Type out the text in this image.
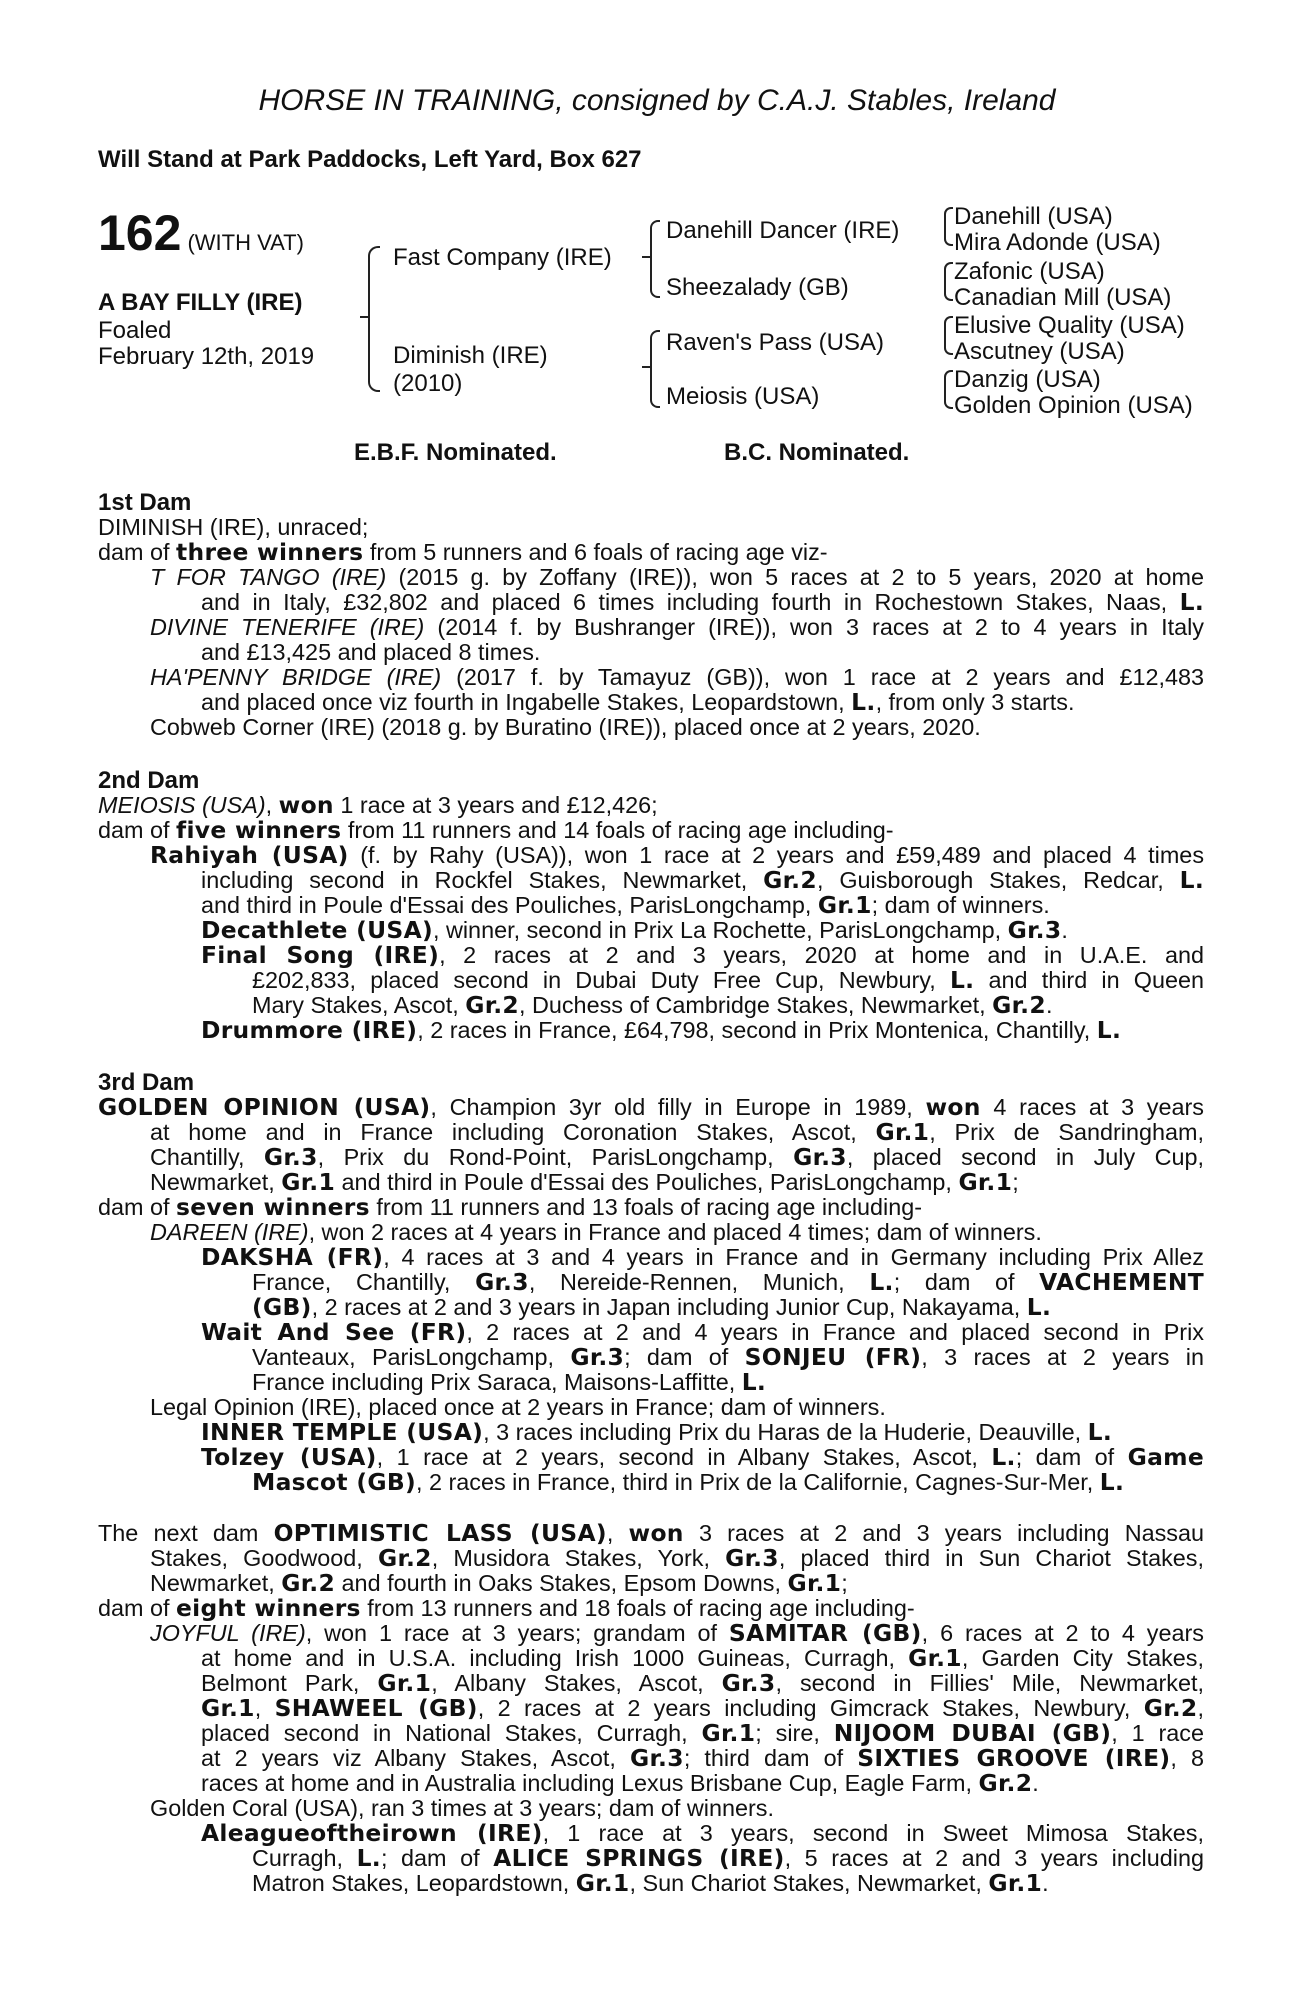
HORSE IN TRAINING, consigned by C.A.J. Stables, Ireland
Will Stand at Park Paddocks, Left Yard, Box 627
162 (WITH VAT)
A BAY FILLY (IRE)
Foaled
February 12th, 2019
Fast Company (IRE)
Diminish (IRE)
(2010)
Danehill Dancer (IRE)
Sheezalady (GB)
Raven's Pass (USA)
Meiosis (USA)
Danehill (USA)
Mira Adonde (USA)
Zafonic (USA)
Canadian Mill (USA)
Elusive Quality (USA)
Ascutney (USA)
Danzig (USA)
Golden Opinion (USA)
E.B.F. Nominated.	B.C. Nominated.
1st Dam
DIMINISH (IRE), unraced;
dam of three winners from 5 runners and 6 foals of racing age viz-
T FOR TANGO (IRE) (2015 g. by Zoffany (IRE)), won 5 races at 2 to 5 years, 2020 at home
and in Italy, £32,802 and placed 6 times including fourth in Rochestown Stakes, Naas, L.
DIVINE TENERIFE (IRE) (2014 f. by Bushranger (IRE)), won 3 races at 2 to 4 years in Italy
and £13,425 and placed 8 times.
HA'PENNY BRIDGE (IRE) (2017 f. by Tamayuz (GB)), won 1 race at 2 years and £12,483
and placed once viz fourth in Ingabelle Stakes, Leopardstown, L., from only 3 starts.
Cobweb Corner (IRE) (2018 g. by Buratino (IRE)), placed once at 2 years, 2020.
2nd Dam
MEIOSIS (USA), won 1 race at 3 years and £12,426;
dam of five winners from 11 runners and 14 foals of racing age including-
Rahiyah (USA) (f. by Rahy (USA)), won 1 race at 2 years and £59,489 and placed 4 times
including second in Rockfel Stakes, Newmarket, Gr.2, Guisborough Stakes, Redcar, L.
and third in Poule d'Essai des Pouliches, ParisLongchamp, Gr.1; dam of winners.
Decathlete (USA), winner, second in Prix La Rochette, ParisLongchamp, Gr.3.
Final Song (IRE), 2 races at 2 and 3 years, 2020 at home and in U.A.E. and
£202,833, placed second in Dubai Duty Free Cup, Newbury, L. and third in Queen
Mary Stakes, Ascot, Gr.2, Duchess of Cambridge Stakes, Newmarket, Gr.2.
Drummore (IRE), 2 races in France, £64,798, second in Prix Montenica, Chantilly, L.
3rd Dam
GOLDEN OPINION (USA), Champion 3yr old filly in Europe in 1989, won 4 races at 3 years
at home and in France including Coronation Stakes, Ascot, Gr.1, Prix de Sandringham,
Chantilly, Gr.3, Prix du Rond-Point, ParisLongchamp, Gr.3, placed second in July Cup,
Newmarket, Gr.1 and third in Poule d'Essai des Pouliches, ParisLongchamp, Gr.1;
dam of seven winners from 11 runners and 13 foals of racing age including-
DAREEN (IRE), won 2 races at 4 years in France and placed 4 times; dam of winners.
DAKSHA (FR), 4 races at 3 and 4 years in France and in Germany including Prix Allez
France, Chantilly, Gr.3, Nereide-Rennen, Munich, L.; dam of VACHEMENT
(GB), 2 races at 2 and 3 years in Japan including Junior Cup, Nakayama, L.
Wait And See (FR), 2 races at 2 and 4 years in France and placed second in Prix
Vanteaux, ParisLongchamp, Gr.3; dam of SONJEU (FR), 3 races at 2 years in
France including Prix Saraca, Maisons-Laffitte, L.
Legal Opinion (IRE), placed once at 2 years in France; dam of winners.
INNER TEMPLE (USA), 3 races including Prix du Haras de la Huderie, Deauville, L.
Tolzey (USA), 1 race at 2 years, second in Albany Stakes, Ascot, L.; dam of Game
Mascot (GB), 2 races in France, third in Prix de la Californie, Cagnes-Sur-Mer, L.
The next dam OPTIMISTIC LASS (USA), won 3 races at 2 and 3 years including Nassau
Stakes, Goodwood, Gr.2, Musidora Stakes, York, Gr.3, placed third in Sun Chariot Stakes,
Newmarket, Gr.2 and fourth in Oaks Stakes, Epsom Downs, Gr.1;
dam of eight winners from 13 runners and 18 foals of racing age including-
JOYFUL (IRE), won 1 race at 3 years; grandam of SAMITAR (GB), 6 races at 2 to 4 years
at home and in U.S.A. including Irish 1000 Guineas, Curragh, Gr.1, Garden City Stakes,
Belmont Park, Gr.1, Albany Stakes, Ascot, Gr.3, second in Fillies' Mile, Newmarket,
Gr.1, SHAWEEL (GB), 2 races at 2 years including Gimcrack Stakes, Newbury, Gr.2,
placed second in National Stakes, Curragh, Gr.1; sire, NIJOOM DUBAI (GB), 1 race
at 2 years viz Albany Stakes, Ascot, Gr.3; third dam of SIXTIES GROOVE (IRE), 8
races at home and in Australia including Lexus Brisbane Cup, Eagle Farm, Gr.2.
Golden Coral (USA), ran 3 times at 3 years; dam of winners.
Aleagueoftheirown (IRE), 1 race at 3 years, second in Sweet Mimosa Stakes,
Curragh, L.; dam of ALICE SPRINGS (IRE), 5 races at 2 and 3 years including
Matron Stakes, Leopardstown, Gr.1, Sun Chariot Stakes, Newmarket, Gr.1.
